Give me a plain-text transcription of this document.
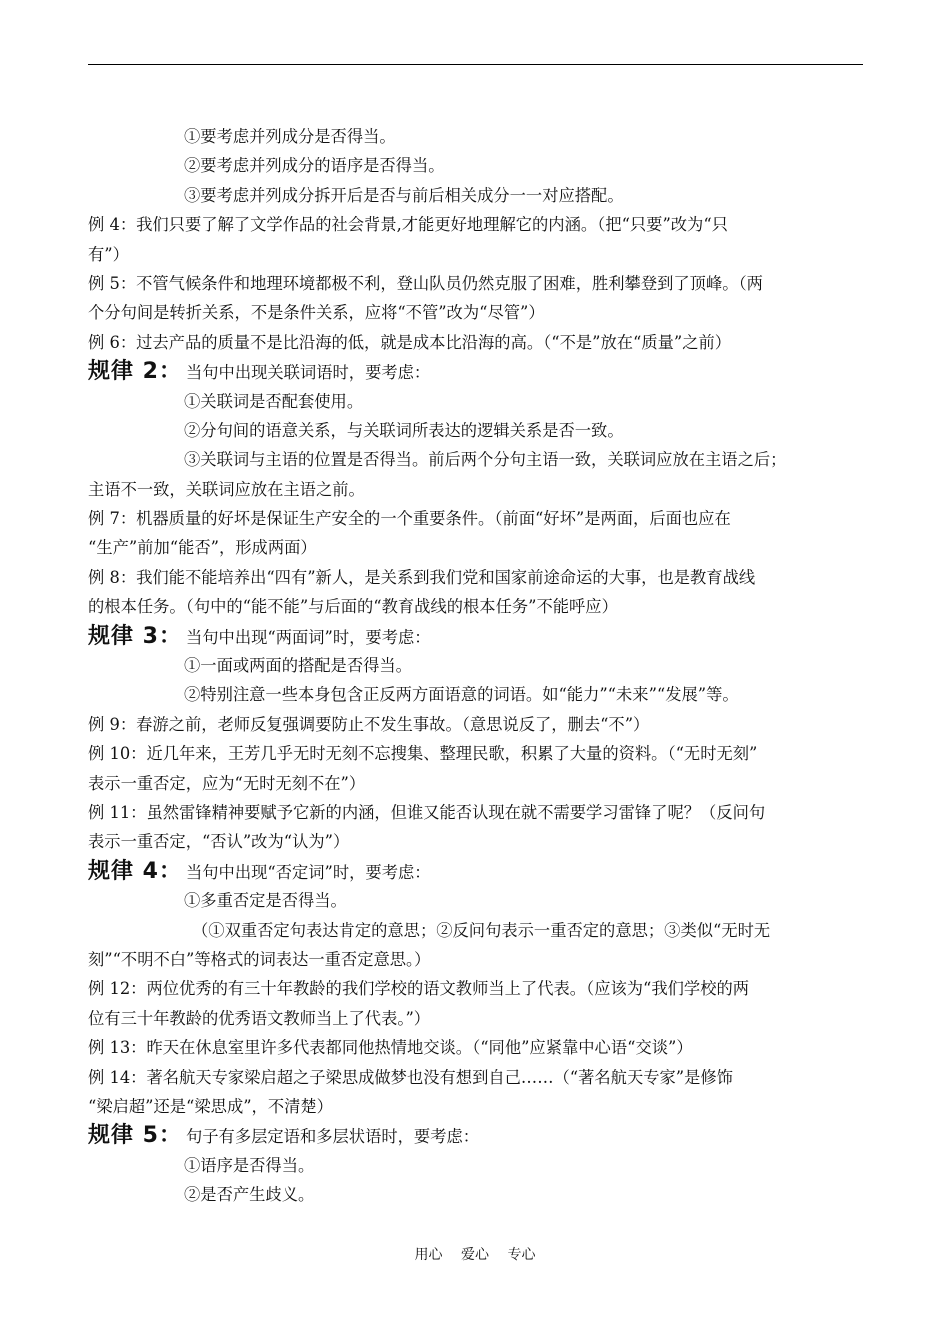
①要考虑并列成分是否得当。
②要考虑并列成分的语序是否得当。
③要考虑并列成分拆开后是否与前后相关成分一一对应搭配。
例 4：我们只要了解了文学作品的社会背景,才能更好地理解它的内涵。（把“只要”改为“只
有”）
例 5：不管气候条件和地理环境都极不利，登山队员仍然克服了困难，胜利攀登到了顶峰。（两
个分句间是转折关系，不是条件关系，应将“不管”改为“尽管”）
例 6：过去产品的质量不是比沿海的低，就是成本比沿海的高。（“不是”放在“质量”之前）
规律 2： 当句中出现关联词语时，要考虑：
①关联词是否配套使用。
②分句间的语意关系，与关联词所表达的逻辑关系是否一致。
③关联词与主语的位置是否得当。前后两个分句主语一致，关联词应放在主语之后；
主语不一致，关联词应放在主语之前。
例 7：机器质量的好坏是保证生产安全的一个重要条件。（前面“好坏”是两面，后面也应在
“生产”前加“能否”，形成两面）
例 8：我们能不能培养出“四有”新人，是关系到我们党和国家前途命运的大事，也是教育战线
的根本任务。（句中的“能不能”与后面的“教育战线的根本任务”不能呼应）
规律 3： 当句中出现“两面词”时，要考虑：
①一面或两面的搭配是否得当。
②特别注意一些本身包含正反两方面语意的词语。如“能力”“未来”“发展”等。
例 9：春游之前，老师反复强调要防止不发生事故。（意思说反了，删去“不”）
例 10：近几年来，王芳几乎无时无刻不忘搜集、整理民歌，积累了大量的资料。（“无时无刻”
表示一重否定，应为“无时无刻不在”）
例 11：虽然雷锋精神要赋予它新的内涵，但谁又能否认现在就不需要学习雷锋了呢？（反问句
表示一重否定，“否认”改为“认为”）
规律 4： 当句中出现“否定词”时，要考虑：
①多重否定是否得当。
（①双重否定句表达肯定的意思；②反问句表示一重否定的意思；③类似“无时无
刻”“不明不白”等格式的词表达一重否定意思。）
例 12：两位优秀的有三十年教龄的我们学校的语文教师当上了代表。（应该为“我们学校的两
位有三十年教龄的优秀语文教师当上了代表。”）
例 13：昨天在休息室里许多代表都同他热情地交谈。（“同他”应紧靠中心语“交谈”）
例 14：著名航天专家梁启超之子梁思成做梦也没有想到自己……（“著名航天专家”是修饰
“梁启超”还是“梁思成”，不清楚）
规律 5： 句子有多层定语和多层状语时，要考虑：
①语序是否得当。
②是否产生歧义。
用心 爱心 专心
